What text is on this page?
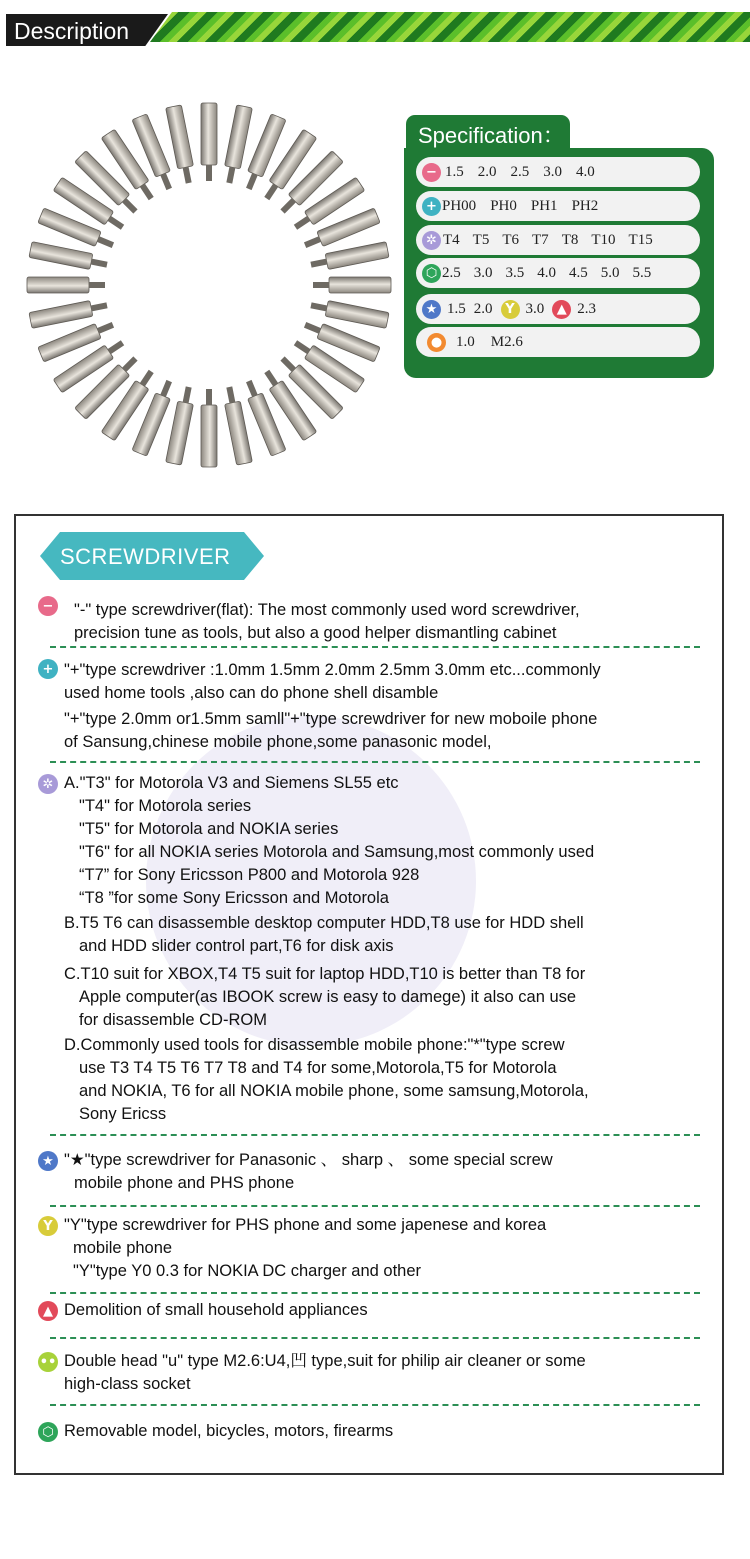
Description
Specification：
− 1.5 2.0 2.5 3.0 4.0
+ PH00 PH0 PH1 PH2
✲ T4 T5 T6 T7 T8 T10 T15
⬡ 2.5 3.0 3.5 4.0 4.5 5.0 5.5
★ 1.5 2.0 Y 3.0 ▲ 2.3
● 1.0 M2.6
SCREWDRIVER
− "-" type screwdriver(flat): The most commonly used word screwdriver,
precision tune as tools, but also a good helper dismantling cabinet
+ "+"type screwdriver :1.0mm 1.5mm 2.0mm 2.5mm 3.0mm etc...commonly
used home tools ,also can do phone shell disamble
"+"type 2.0mm or1.5mm samll"+"type screwdriver for new moboile phone
of Sansung,chinese mobile phone,some panasonic model,
✲ A."T3" for Motorola V3 and Siemens SL55 etc
"T4" for Motorola series
"T5" for Motorola and NOKIA series
"T6" for all NOKIA series Motorola and Samsung,most commonly used
“T7” for Sony Ericsson P800 and Motorola 928
“T8 ”for some Sony Ericsson and Motorola
B.T5 T6 can disassemble desktop computer HDD,T8 use for HDD shell
and HDD slider control part,T6 for disk axis
C.T10 suit for XBOX,T4 T5 suit for laptop HDD,T10 is better than T8 for
Apple computer(as IBOOK screw is easy to damege) it also can use
for disassemble CD-ROM
D.Commonly used tools for disassemble mobile phone:"*"type screw
use T3 T4 T5 T6 T7 T8 and T4 for some,Motorola,T5 for Motorola
and NOKIA, T6 for all NOKIA mobile phone, some samsung,Motorola,
Sony Ericss
★ "★"type screwdriver for Panasonic 、 sharp 、 some special screw
mobile phone and PHS phone
Y "Y"type screwdriver for PHS phone and some japenese and korea
mobile phone
"Y"type Y0 0.3 for NOKIA DC charger and other
▲ Demolition of small household appliances
•• Double head "u" type M2.6:U4,凹 type,suit for philip air cleaner or some
high-class socket
⬡ Removable model, bicycles, motors, firearms
